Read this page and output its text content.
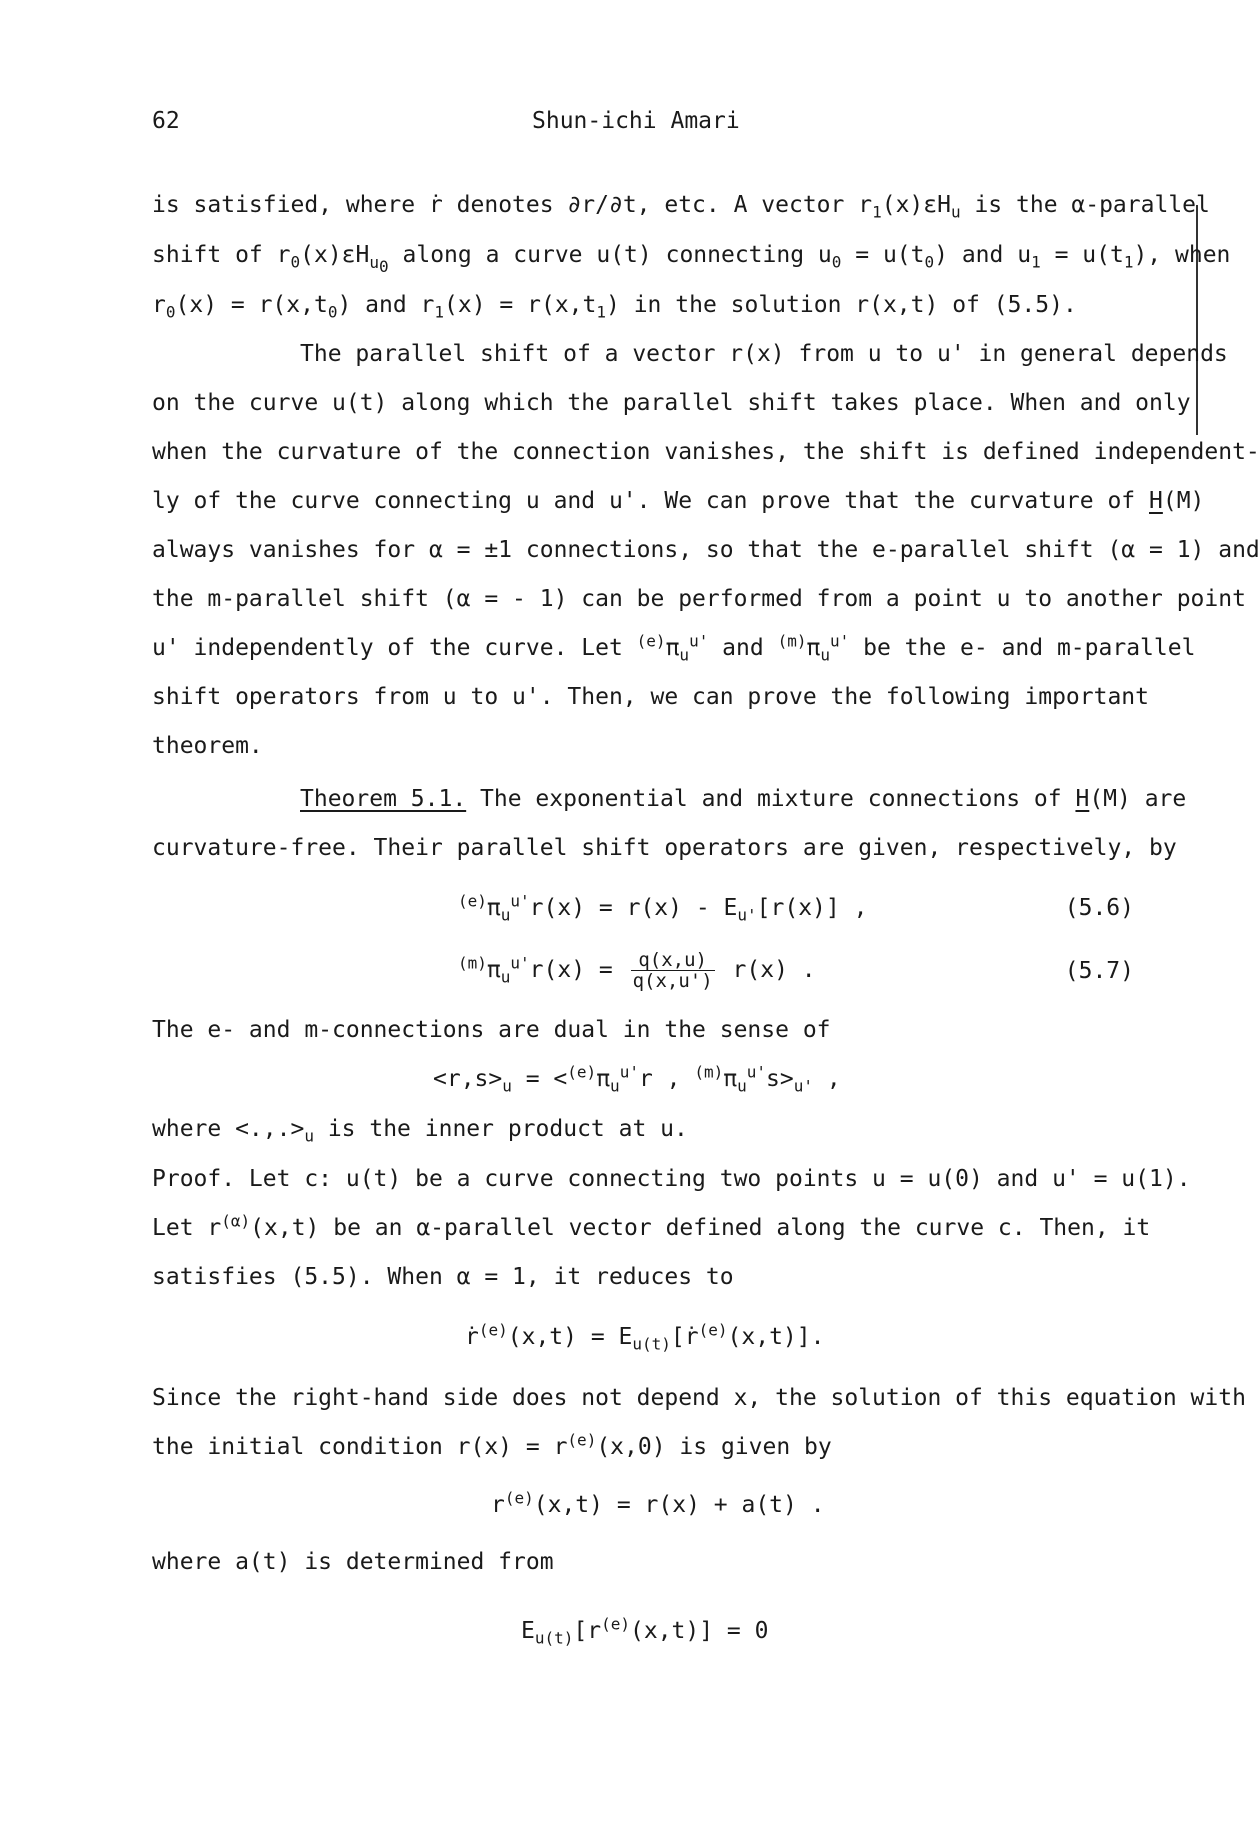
62	Shun-ichi Amari
is satisfied, where ṙ denotes ∂r/∂t, etc. A vector $r_1(x)\varepsilon H_u$ is the α-parallel
shift of $r_0(x)\varepsilon H_{u_0}$ along a curve u(t) connecting $u_0 = u(t_0)$ and $u_1 = u(t_1)$, when
$r_0(x) = r(x,t_0)$ and $r_1(x) = r(x,t_1)$ in the solution r(x,t) of (5.5).
The parallel shift of a vector r(x) from u to u' in general depends
on the curve u(t) along which the parallel shift takes place. When and only
when the curvature of the connection vanishes, the shift is defined independent-
ly of the curve connecting u and u'. We can prove that the curvature of H(M)
always vanishes for α = ±1 connections, so that the e-parallel shift (α = 1) and
the m-parallel shift (α = - 1) can be performed from a point u to another point
u' independently of the curve. Let $^{(e)}\pi_u^{u'}$ and $^{(m)}\pi_u^{u'}$ be the e- and m-parallel
shift operators from u to u'. Then, we can prove the following important
theorem.
Theorem 5.1. The exponential and mixture connections of H(M) are
curvature-free. Their parallel shift operators are given, respectively, by
$^{(e)}\pi_u^{u'}r(x) = r(x) - E_{u'}[r(x)]$ ,	(5.6)
$^{(m)}\pi_u^{u'}r(x) = \frac{q(x,u)}{q(x,u')} r(x)$ .	(5.7)
The e- and m-connections are dual in the sense of
$<r,s>_u = <^{(e)}\pi_u^{u'}r$ , $^{(m)}\pi_u^{u'}s>_{u'}$ ,
where $<.,.>_u$ is the inner product at u.
Proof. Let c: u(t) be a curve connecting two points u = u(0) and u' = u(1).
Let $r^{(\alpha)}(x,t)$ be an α-parallel vector defined along the curve c. Then, it
satisfies (5.5). When α = 1, it reduces to
ṙ$^{(e)}$(x,t) = $E_{u(t)}[ṙ^{(e)}(x,t)]$.
Since the right-hand side does not depend x, the solution of this equation with
the initial condition $r(x) = r^{(e)}(x,0)$ is given by
$r^{(e)}(x,t) = r(x) + a(t)$ .
where a(t) is determined from
$E_{u(t)}[r^{(e)}(x,t)] = 0$
